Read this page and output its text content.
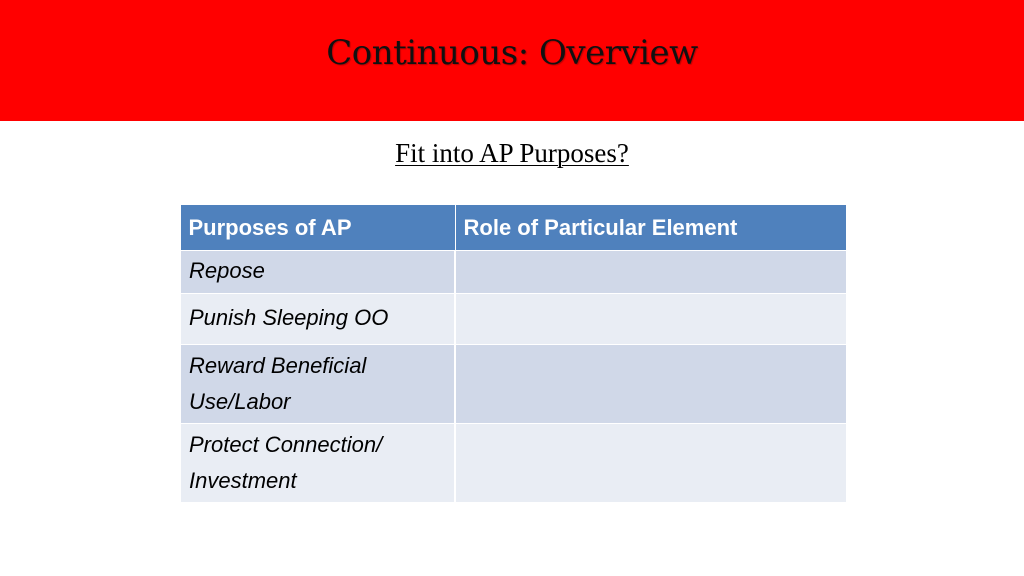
Continuous: Overview
Fit into AP Purposes?
Purposes of AP	Role of Particular Element
Repose	
Punish Sleeping OO	
Reward Beneficial Use/Labor	
Protect Connection/ Investment	
